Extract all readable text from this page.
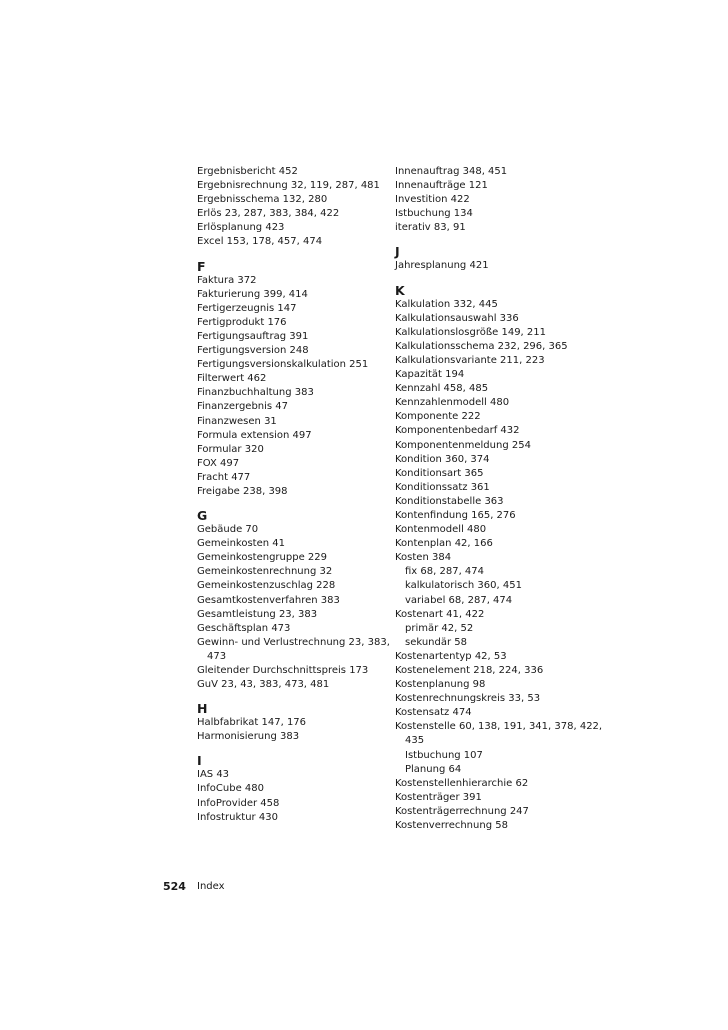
Ergebnisbericht 452
Ergebnisrechnung 32, 119, 287, 481
Ergebnisschema 132, 280
Erlös 23, 287, 383, 384, 422
Erlösplanung 423
Excel 153, 178, 457, 474
F
Faktura 372
Fakturierung 399, 414
Fertigerzeugnis 147
Fertigprodukt 176
Fertigungsauftrag 391
Fertigungsversion 248
Fertigungsversionskalkulation 251
Filterwert 462
Finanzbuchhaltung 383
Finanzergebnis 47
Finanzwesen 31
Formula extension 497
Formular 320
FOX 497
Fracht 477
Freigabe 238, 398
G
Gebäude 70
Gemeinkosten 41
Gemeinkostengruppe 229
Gemeinkostenrechnung 32
Gemeinkostenzuschlag 228
Gesamtkostenverfahren 383
Gesamtleistung 23, 383
Geschäftsplan 473
Gewinn- und Verlustrechnung 23, 383,
473
Gleitender Durchschnittspreis 173
GuV 23, 43, 383, 473, 481
H
Halbfabrikat 147, 176
Harmonisierung 383
I
IAS 43
InfoCube 480
InfoProvider 458
Infostruktur 430
Innenauftrag 348, 451
Innenaufträge 121
Investition 422
Istbuchung 134
iterativ 83, 91
J
Jahresplanung 421
K
Kalkulation 332, 445
Kalkulationsauswahl 336
Kalkulationslosgröße 149, 211
Kalkulationsschema 232, 296, 365
Kalkulationsvariante 211, 223
Kapazität 194
Kennzahl 458, 485
Kennzahlenmodell 480
Komponente 222
Komponentenbedarf 432
Komponentenmeldung 254
Kondition 360, 374
Konditionsart 365
Konditionssatz 361
Konditionstabelle 363
Kontenfindung 165, 276
Kontenmodell 480
Kontenplan 42, 166
Kosten 384
fix 68, 287, 474
kalkulatorisch 360, 451
variabel 68, 287, 474
Kostenart 41, 422
primär 42, 52
sekundär 58
Kostenartentyp 42, 53
Kostenelement 218, 224, 336
Kostenplanung 98
Kostenrechnungskreis 33, 53
Kostensatz 474
Kostenstelle 60, 138, 191, 341, 378, 422,
435
Istbuchung 107
Planung 64
Kostenstellenhierarchie 62
Kostenträger 391
Kostenträgerrechnung 247
Kostenverrechnung 58
524 Index
